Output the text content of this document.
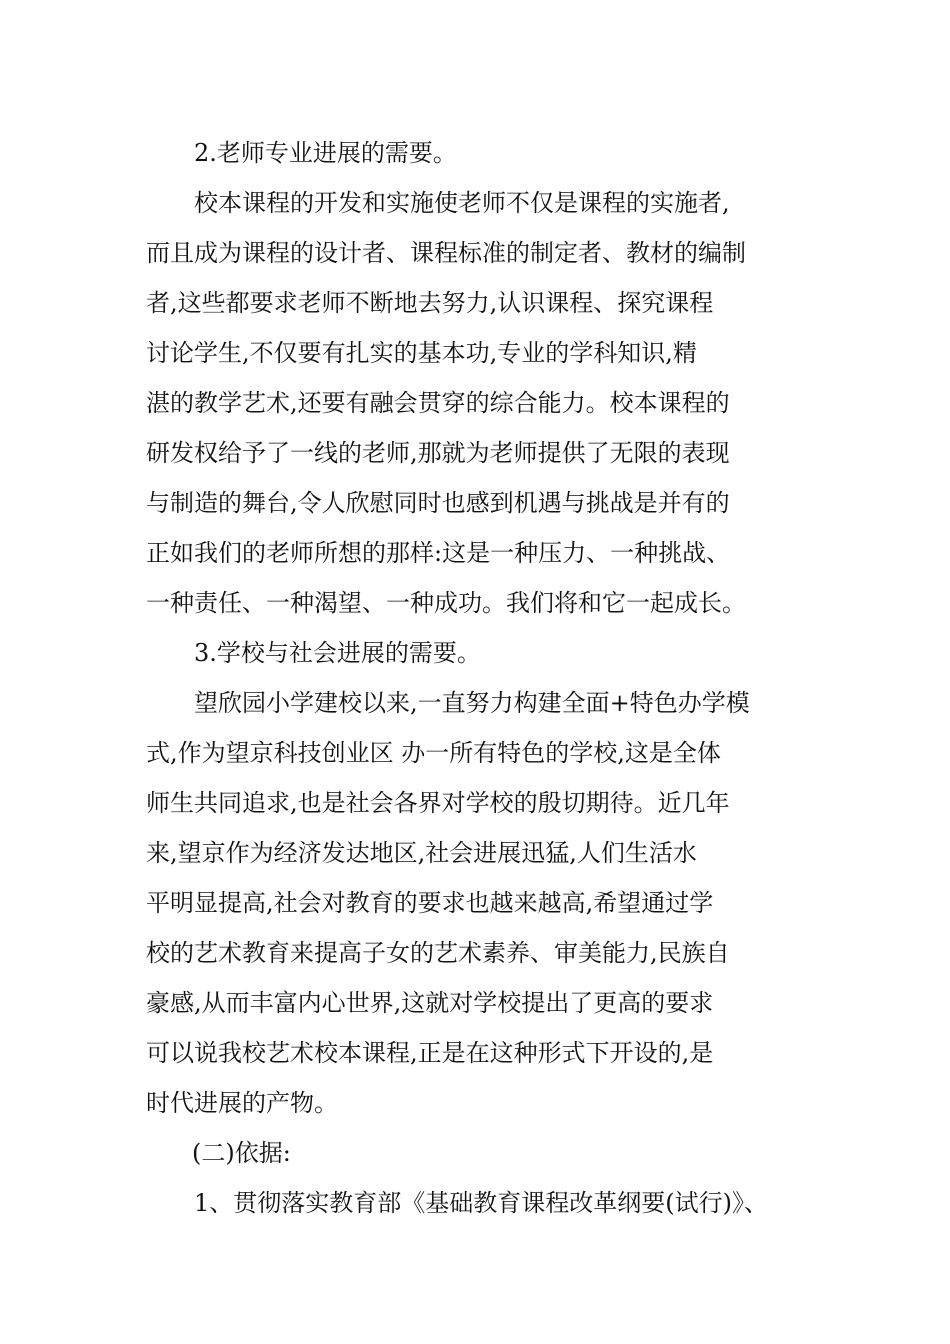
2.老师专业进展的需要。
校本课程的开发和实施使老师不仅是课程的实施者,
而且成为课程的设计者、课程标准的制定者、教材的编制
者,这些都要求老师不断地去努力,认识课程、探究课程
讨论学生,不仅要有扎实的基本功,专业的学科知识,精
湛的教学艺术,还要有融会贯穿的综合能力。校本课程的
研发权给予了一线的老师,那就为老师提供了无限的表现
与制造的舞台,令人欣慰同时也感到机遇与挑战是并有的
正如我们的老师所想的那样:这是一种压力、一种挑战、
一种责任、一种渴望、一种成功。我们将和它一起成长。
3.学校与社会进展的需要。
望欣园小学建校以来,一直努力构建全面+特色办学模
式,作为望京科技创业区 办一所有特色的学校,这是全体
师生共同追求,也是社会各界对学校的殷切期待。近几年
来,望京作为经济发达地区,社会进展迅猛,人们生活水
平明显提高,社会对教育的要求也越来越高,希望通过学
校的艺术教育来提高子女的艺术素养、审美能力,民族自
豪感,从而丰富内心世界,这就对学校提出了更高的要求
可以说我校艺术校本课程,正是在这种形式下开设的,是
时代进展的产物。
(二)依据:
1、贯彻落实教育部《基础教育课程改革纲要(试行)》、
